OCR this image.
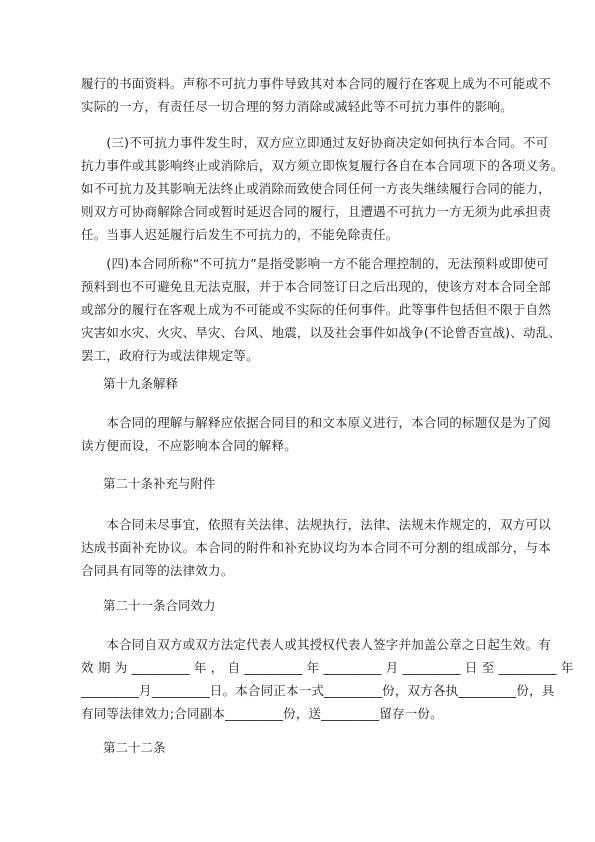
履行的书面资料。声称不可抗力事件导致其对本合同的履行在客观上成为不可能或不
实际的一方，有责任尽一切合理的努力消除或减轻此等不可抗力事件的影响。
　　(三)不可抗力事件发生时，双方应立即通过友好协商决定如何执行本合同。不可
抗力事件或其影响终止或消除后，双方须立即恢复履行各自在本合同项下的各项义务。
如不可抗力及其影响无法终止或消除而致使合同任何一方丧失继续履行合同的能力，
则双方可协商解除合同或暂时延迟合同的履行，且遭遇不可抗力一方无须为此承担责
任。当事人迟延履行后发生不可抗力的，不能免除责任。
　　(四)本合同所称“不可抗力”是指受影响一方不能合理控制的，无法预料或即使可
预料到也不可避免且无法克服，并于本合同签订日之后出现的，使该方对本合同全部
或部分的履行在客观上成为不可能或不实际的任何事件。此等事件包括但不限于自然
灾害如水灾、火灾、旱灾、台风、地震，以及社会事件如战争(不论曾否宣战)、动乱、
罢工，政府行为或法律规定等。
第十九条解释
　　本合同的理解与解释应依据合同目的和文本原义进行，本合同的标题仅是为了阅
读方便而设，不应影响本合同的解释。
第二十条补充与附件
　　本合同未尽事宜，依照有关法律、法规执行，法律、法规未作规定的，双方可以
达成书面补充协议。本合同的附件和补充协议均为本合同不可分割的组成部分，与本
合同具有同等的法律效力。
第二十一条合同效力
　　本合同自双方或双方法定代表人或其授权代表人签字并加盖公章之日起生效。有
效 期 为 _________ 年 ， 自 _________ 年 _________ 月 _________ 日 至 _________ 年
_________月_________日。本合同正本一式_________份，双方各执_________份，具
有同等法律效力;合同副本_________份，送_________留存一份。
第二十二条
